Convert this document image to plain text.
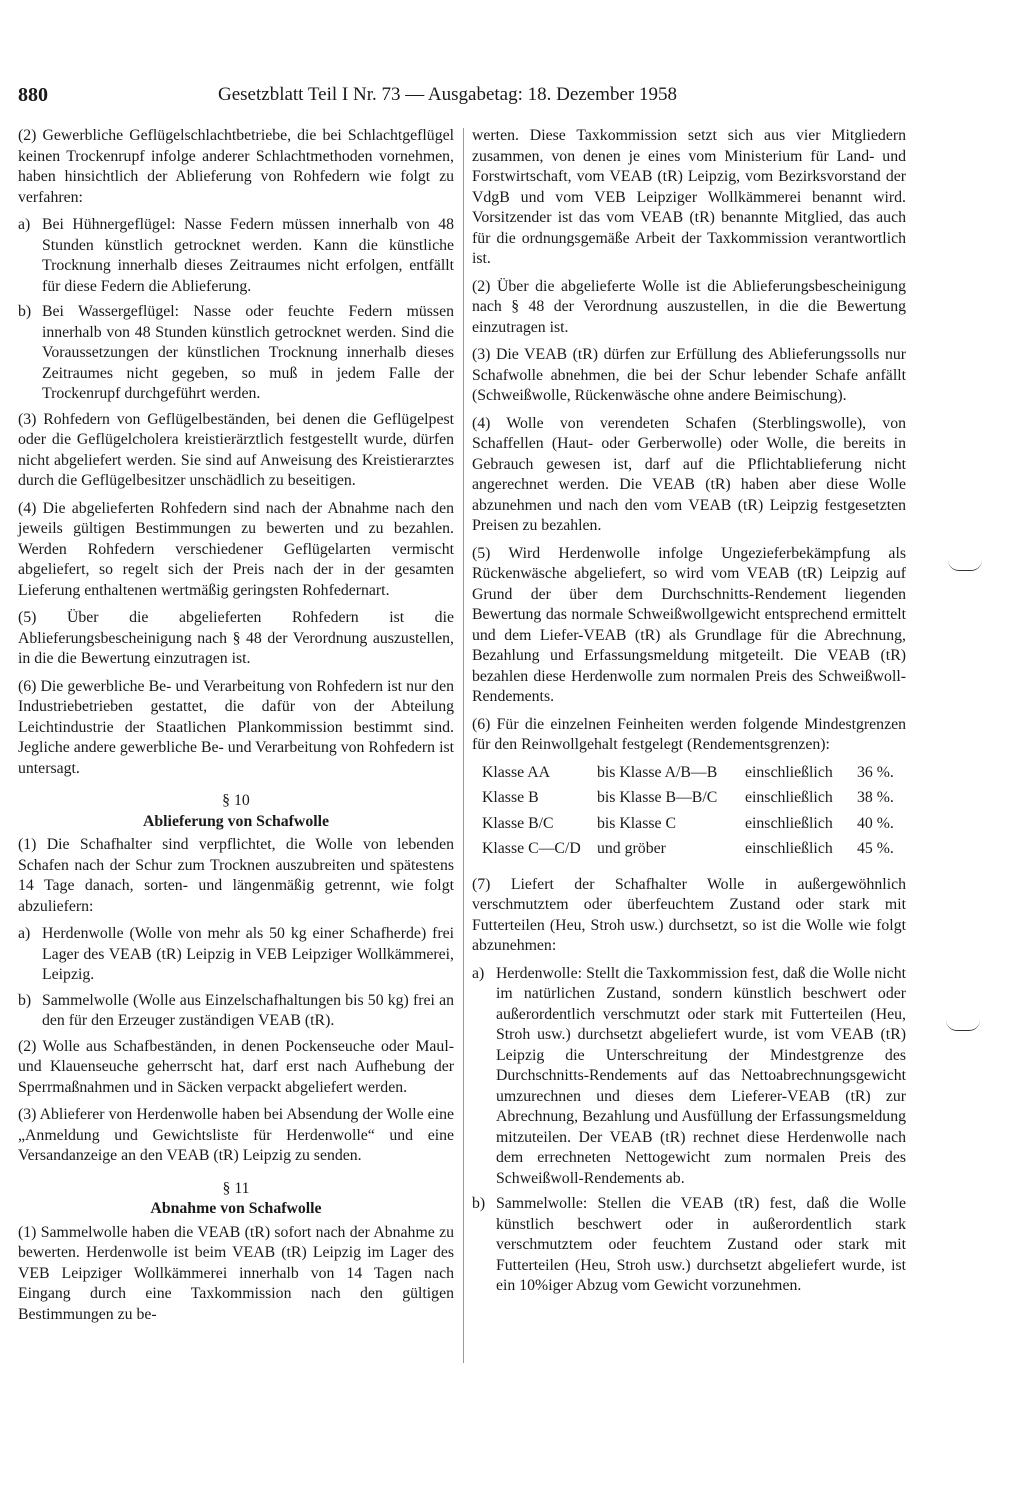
880	Gesetzblatt Teil I Nr. 73 — Ausgabetag: 18. Dezember 1958

(2) Gewerbliche Geflügelschlachtbetriebe, die bei Schlachtgeflügel keinen Trockenrupf infolge anderer Schlachtmethoden vornehmen, haben hinsichtlich der Ablieferung von Rohfedern wie folgt zu verfahren:

a) Bei Hühnergeflügel: Nasse Federn müssen innerhalb von 48 Stunden künstlich getrocknet werden. Kann die künstliche Trocknung innerhalb dieses Zeitraumes nicht erfolgen, entfällt für diese Federn die Ablieferung.
b) Bei Wassergeflügel: Nasse oder feuchte Federn müssen innerhalb von 48 Stunden künstlich getrocknet werden. Sind die Voraussetzungen der künstlichen Trocknung innerhalb dieses Zeitraumes nicht gegeben, so muß in jedem Falle der Trockenrupf durchgeführt werden.

(3) Rohfedern von Geflügelbeständen, bei denen die Geflügelpest oder die Geflügelcholera kreistierärztlich festgestellt wurde, dürfen nicht abgeliefert werden. Sie sind auf Anweisung des Kreistierarztes durch die Geflügelbesitzer unschädlich zu beseitigen.

(4) Die abgelieferten Rohfedern sind nach der Abnahme nach den jeweils gültigen Bestimmungen zu bewerten und zu bezahlen. Werden Rohfedern verschiedener Geflügelarten vermischt abgeliefert, so regelt sich der Preis nach der in der gesamten Lieferung enthaltenen wertmäßig geringsten Rohfedernart.

(5) Über die abgelieferten Rohfedern ist die Ablieferungsbescheinigung nach § 48 der Verordnung auszustellen, in die die Bewertung einzutragen ist.

(6) Die gewerbliche Be- und Verarbeitung von Rohfedern ist nur den Industriebetrieben gestattet, die dafür von der Abteilung Leichtindustrie der Staatlichen Plankommission bestimmt sind. Jegliche andere gewerbliche Be- und Verarbeitung von Rohfedern ist untersagt.

§ 10
Ablieferung von Schafwolle

(1) Die Schafhalter sind verpflichtet, die Wolle von lebenden Schafen nach der Schur zum Trocknen auszubreiten und spätestens 14 Tage danach, sorten- und längenmäßig getrennt, wie folgt abzuliefern:

a) Herdenwolle (Wolle von mehr als 50 kg einer Schafherde) frei Lager des VEAB (tR) Leipzig in VEB Leipziger Wollkämmerei, Leipzig.
b) Sammelwolle (Wolle aus Einzelschafhaltungen bis 50 kg) frei an den für den Erzeuger zuständigen VEAB (tR).

(2) Wolle aus Schafbeständen, in denen Pockenseuche oder Maul- und Klauenseuche geherrscht hat, darf erst nach Aufhebung der Sperrmaßnahmen und in Säcken verpackt abgeliefert werden.

(3) Ablieferer von Herdenwolle haben bei Absendung der Wolle eine „Anmeldung und Gewichtsliste für Herdenwolle“ und eine Versandanzeige an den VEAB (tR) Leipzig zu senden.

§ 11
Abnahme von Schafwolle

(1) Sammelwolle haben die VEAB (tR) sofort nach der Abnahme zu bewerten. Herdenwolle ist beim VEAB (tR) Leipzig im Lager des VEB Leipziger Wollkämmerei innerhalb von 14 Tagen nach Eingang durch eine Taxkommission nach den gültigen Bestimmungen zu be-

werten. Diese Taxkommission setzt sich aus vier Mitgliedern zusammen, von denen je eines vom Ministerium für Land- und Forstwirtschaft, vom VEAB (tR) Leipzig, vom Bezirksvorstand der VdgB und vom VEB Leipziger Wollkämmerei benannt wird. Vorsitzender ist das vom VEAB (tR) benannte Mitglied, das auch für die ordnungsgemäße Arbeit der Taxkommission verantwortlich ist.

(2) Über die abgelieferte Wolle ist die Ablieferungsbescheinigung nach § 48 der Verordnung auszustellen, in die die Bewertung einzutragen ist.

(3) Die VEAB (tR) dürfen zur Erfüllung des Ablieferungssolls nur Schafwolle abnehmen, die bei der Schur lebender Schafe anfällt (Schweißwolle, Rückenwäsche ohne andere Beimischung).

(4) Wolle von verendeten Schafen (Sterblingswolle), von Schaffellen (Haut- oder Gerberwolle) oder Wolle, die bereits in Gebrauch gewesen ist, darf auf die Pflichtablieferung nicht angerechnet werden. Die VEAB (tR) haben aber diese Wolle abzunehmen und nach den vom VEAB (tR) Leipzig festgesetzten Preisen zu bezahlen.

(5) Wird Herdenwolle infolge Ungezieferbekämpfung als Rückenwäsche abgeliefert, so wird vom VEAB (tR) Leipzig auf Grund der über dem Durchschnitts-Rendement liegenden Bewertung das normale Schweißwollgewicht entsprechend ermittelt und dem Liefer-VEAB (tR) als Grundlage für die Abrechnung, Bezahlung und Erfassungsmeldung mitgeteilt. Die VEAB (tR) bezahlen diese Herdenwolle zum normalen Preis des Schweißwoll-Rendements.

(6) Für die einzelnen Feinheiten werden folgende Mindestgrenzen für den Reinwollgehalt festgelegt (Rendementsgrenzen):

Klasse AA	bis Klasse A/B—B	einschließlich	36 %.
Klasse B	bis Klasse B—B/C	einschließlich	38 %.
Klasse B/C	bis Klasse C	einschließlich	40 %.
Klasse C—C/D	und gröber	einschließlich	45 %.

(7) Liefert der Schafhalter Wolle in außergewöhnlich verschmutztem oder überfeuchtem Zustand oder stark mit Futterteilen (Heu, Stroh usw.) durchsetzt, so ist die Wolle wie folgt abzunehmen:

a) Herdenwolle: Stellt die Taxkommission fest, daß die Wolle nicht im natürlichen Zustand, sondern künstlich beschwert oder außerordentlich verschmutzt oder stark mit Futterteilen (Heu, Stroh usw.) durchsetzt abgeliefert wurde, ist vom VEAB (tR) Leipzig die Unterschreitung der Mindestgrenze des Durchschnitts-Rendements auf das Nettoabrechnungsgewicht umzurechnen und dieses dem Lieferer-VEAB (tR) zur Abrechnung, Bezahlung und Ausfüllung der Erfassungsmeldung mitzuteilen. Der VEAB (tR) rechnet diese Herdenwolle nach dem errechneten Nettogewicht zum normalen Preis des Schweißwoll-Rendements ab.
b) Sammelwolle: Stellen die VEAB (tR) fest, daß die Wolle künstlich beschwert oder in außerordentlich stark verschmutztem oder feuchtem Zustand oder stark mit Futterteilen (Heu, Stroh usw.) durchsetzt abgeliefert wurde, ist ein 10%iger Abzug vom Gewicht vorzunehmen.
